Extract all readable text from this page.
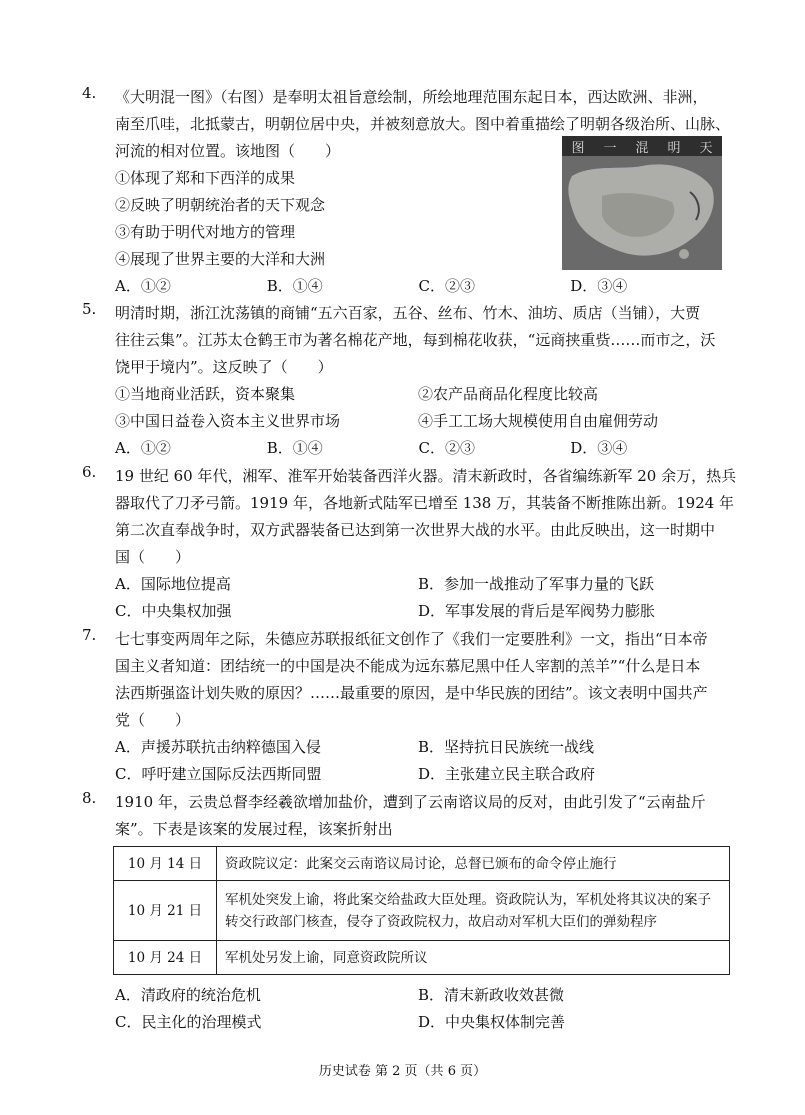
4.	《大明混一图》（右图）是奉明太祖旨意绘制，所绘地理范围东起日本，西达欧洲、非洲，
南至爪哇，北抵蒙古，明朝位居中央，并被刻意放大。图中着重描绘了明朝各级治所、山脉、
河流的相对位置。该地图（　　）
①体现了郑和下西洋的成果
②反映了明朝统治者的天下观念
③有助于明代对地方的管理
④展现了世界主要的大洋和大洲
A．①②	B．①④	C．②③	D．③④
图 一 混 明 天
5.	明清时期，浙江沈荡镇的商铺“五六百家，五谷、丝布、竹木、油坊、质店（当铺），大贾
往往云集”。江苏太仓鹤王市为著名棉花产地，每到棉花收获，“远商挟重赀……而市之，沃
饶甲于境内”。这反映了（　　）
①当地商业活跃，资本聚集	②农产品商品化程度比较高
③中国日益卷入资本主义世界市场	④手工工场大规模使用自由雇佣劳动
A．①②	B．①④	C．②③	D．③④
6.	19 世纪 60 年代，湘军、淮军开始装备西洋火器。清末新政时，各省编练新军 20 余万，热兵
器取代了刀矛弓箭。1919 年，各地新式陆军已增至 138 万，其装备不断推陈出新。1924 年
第二次直奉战争时，双方武器装备已达到第一次世界大战的水平。由此反映出，这一时期中
国（　　）
A．国际地位提高	B．参加一战推动了军事力量的飞跃
C．中央集权加强	D．军事发展的背后是军阀势力膨胀
7.	七七事变两周年之际，朱德应苏联报纸征文创作了《我们一定要胜利》一文，指出“日本帝
国主义者知道：团结统一的中国是决不能成为远东慕尼黑中任人宰割的羔羊”“什么是日本
法西斯强盗计划失败的原因？……最重要的原因，是中华民族的团结”。该文表明中国共产
党（　　）
A．声援苏联抗击纳粹德国入侵	B．坚持抗日民族统一战线
C．呼吁建立国际反法西斯同盟	D．主张建立民主联合政府
8.	1910 年，云贵总督李经羲欲增加盐价，遭到了云南谘议局的反对，由此引发了“云南盐斤
案”。下表是该案的发展过程，该案折射出
10 月 14 日	资政院议定：此案交云南谘议局讨论，总督已颁布的命令停止施行
10 月 21 日	军机处突发上谕，将此案交给盐政大臣处理。资政院认为，军机处将其议决的案子转交行政部门核查，侵夺了资政院权力，故启动对军机大臣们的弹劾程序
10 月 24 日	军机处另发上谕，同意资政院所议
A．清政府的统治危机	B．清末新政收效甚微
C．民主化的治理模式	D．中央集权体制完善
历史试卷 第 2 页（共 6 页）
